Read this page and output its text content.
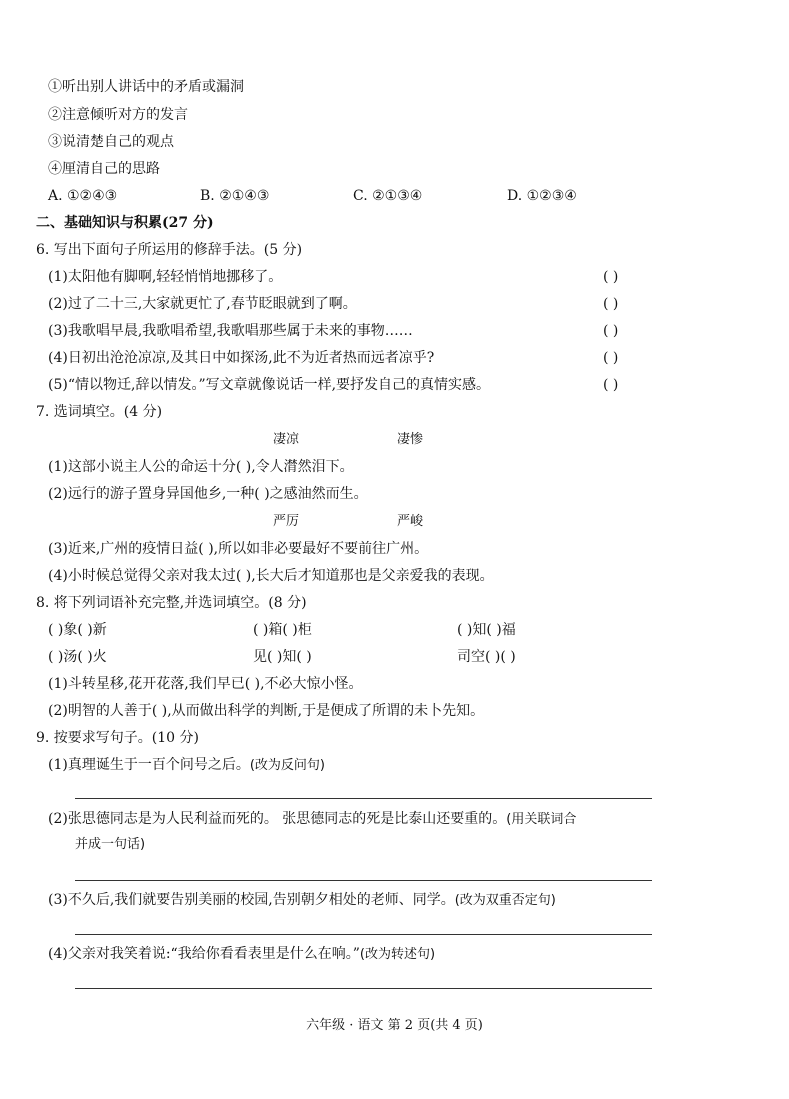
①听出别人讲话中的矛盾或漏洞
②注意倾听对方的发言
③说清楚自己的观点
④厘清自己的思路
A. ①②④③	B. ②①④③	C. ②①③④	D. ①②③④
二、基础知识与积累(27 分)
6. 写出下面句子所运用的修辞手法。(5 分)
(1)太阳他有脚啊,轻轻悄悄地挪移了。	( )
(2)过了二十三,大家就更忙了,春节眨眼就到了啊。	( )
(3)我歌唱早晨,我歌唱希望,我歌唱那些属于未来的事物……	( )
(4)日初出沧沧凉凉,及其日中如探汤,此不为近者热而远者凉乎?	( )
(5)“情以物迁,辞以情发。”写文章就像说话一样,要抒发自己的真情实感。	( )
7. 选词填空。(4 分)
凄凉	凄惨
(1)这部小说主人公的命运十分( ),令人潸然泪下。
(2)远行的游子置身异国他乡,一种( )之感油然而生。
严厉	严峻
(3)近来,广州的疫情日益( ),所以如非必要最好不要前往广州。
(4)小时候总觉得父亲对我太过( ),长大后才知道那也是父亲爱我的表现。
8. 将下列词语补充完整,并选词填空。(8 分)
( )象( )新	( )箱( )柜	( )知( )福
( )汤( )火	见( )知( )	司空( )( )
(1)斗转星移,花开花落,我们早已( ),不必大惊小怪。
(2)明智的人善于( ),从而做出科学的判断,于是便成了所谓的未卜先知。
9. 按要求写句子。(10 分)
(1)真理诞生于一百个问号之后。(改为反问句)
(2)张思德同志是为人民利益而死的。 张思德同志的死是比泰山还要重的。(用关联词合
并成一句话)
(3)不久后,我们就要告别美丽的校园,告别朝夕相处的老师、同学。(改为双重否定句)
(4)父亲对我笑着说:“我给你看看表里是什么在响。”(改为转述句)
六年级 · 语文 第 2 页(共 4 页)
